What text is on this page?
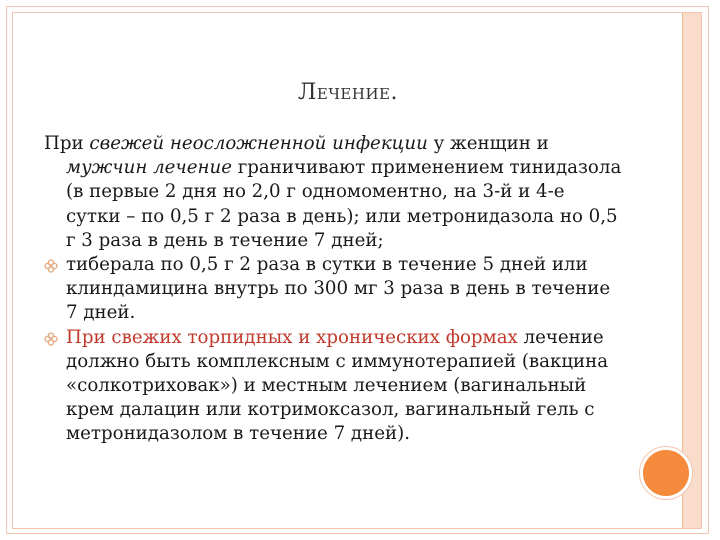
Лечение.

При свежей неосложненной инфекции у женщин и мужчин лечение граничивают применением тинидазола (в первые 2 дня но 2,0 г одномоментно, на 3-й и 4-е сутки – по 0,5 г 2 раза в день); или метронидазола но 0,5 г 3 раза в день в течение 7 дней;

тиберала по 0,5 г 2 раза в сутки в течение 5 дней или клиндамицина внутрь по 300 мг 3 раза в день в течение 7 дней.

При свежих торпидных и хронических формах лечение должно быть комплексным с иммунотерапией (вакцина «солкотриховак») и местным лечением (вагинальный крем далацин или котримоксазол, вагинальный гель с метронидазолом в течение 7 дней).
